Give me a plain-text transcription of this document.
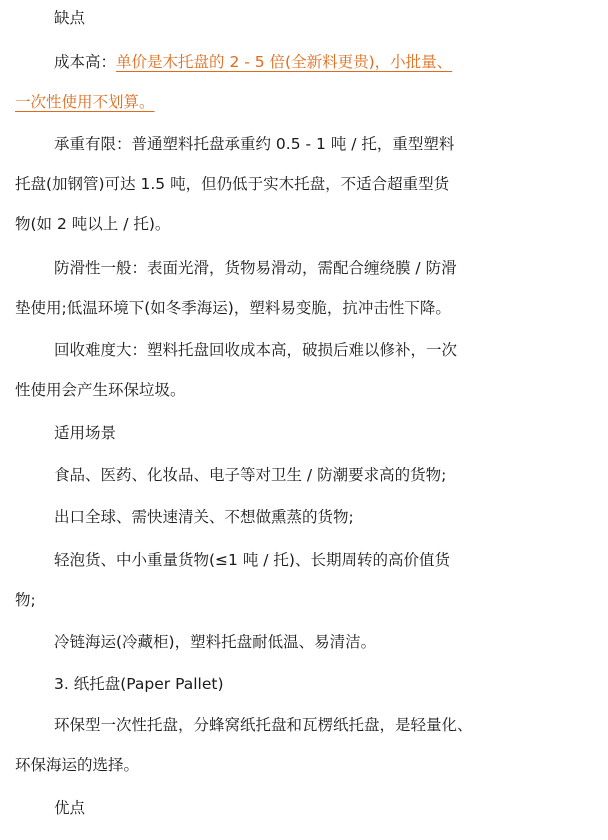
缺点

成本高：单价是木托盘的 2 - 5 倍(全新料更贵)，小批量、

一次性使用不划算。

承重有限：普通塑料托盘承重约 0.5 - 1 吨 / 托，重型塑料

托盘(加钢管)可达 1.5 吨，但仍低于实木托盘，不适合超重型货

物(如 2 吨以上 / 托)。

防滑性一般：表面光滑，货物易滑动，需配合缠绕膜 / 防滑

垫使用;低温环境下(如冬季海运)，塑料易变脆，抗冲击性下降。

回收难度大：塑料托盘回收成本高，破损后难以修补，一次

性使用会产生环保垃圾。

适用场景

食品、医药、化妆品、电子等对卫生 / 防潮要求高的货物;

出口全球、需快速清关、不想做熏蒸的货物;

轻泡货、中小重量货物(≤1 吨 / 托)、长期周转的高价值货

物;

冷链海运(冷藏柜)，塑料托盘耐低温、易清洁。

3. 纸托盘(Paper Pallet)

环保型一次性托盘，分蜂窝纸托盘和瓦楞纸托盘，是轻量化、

环保海运的选择。

优点
